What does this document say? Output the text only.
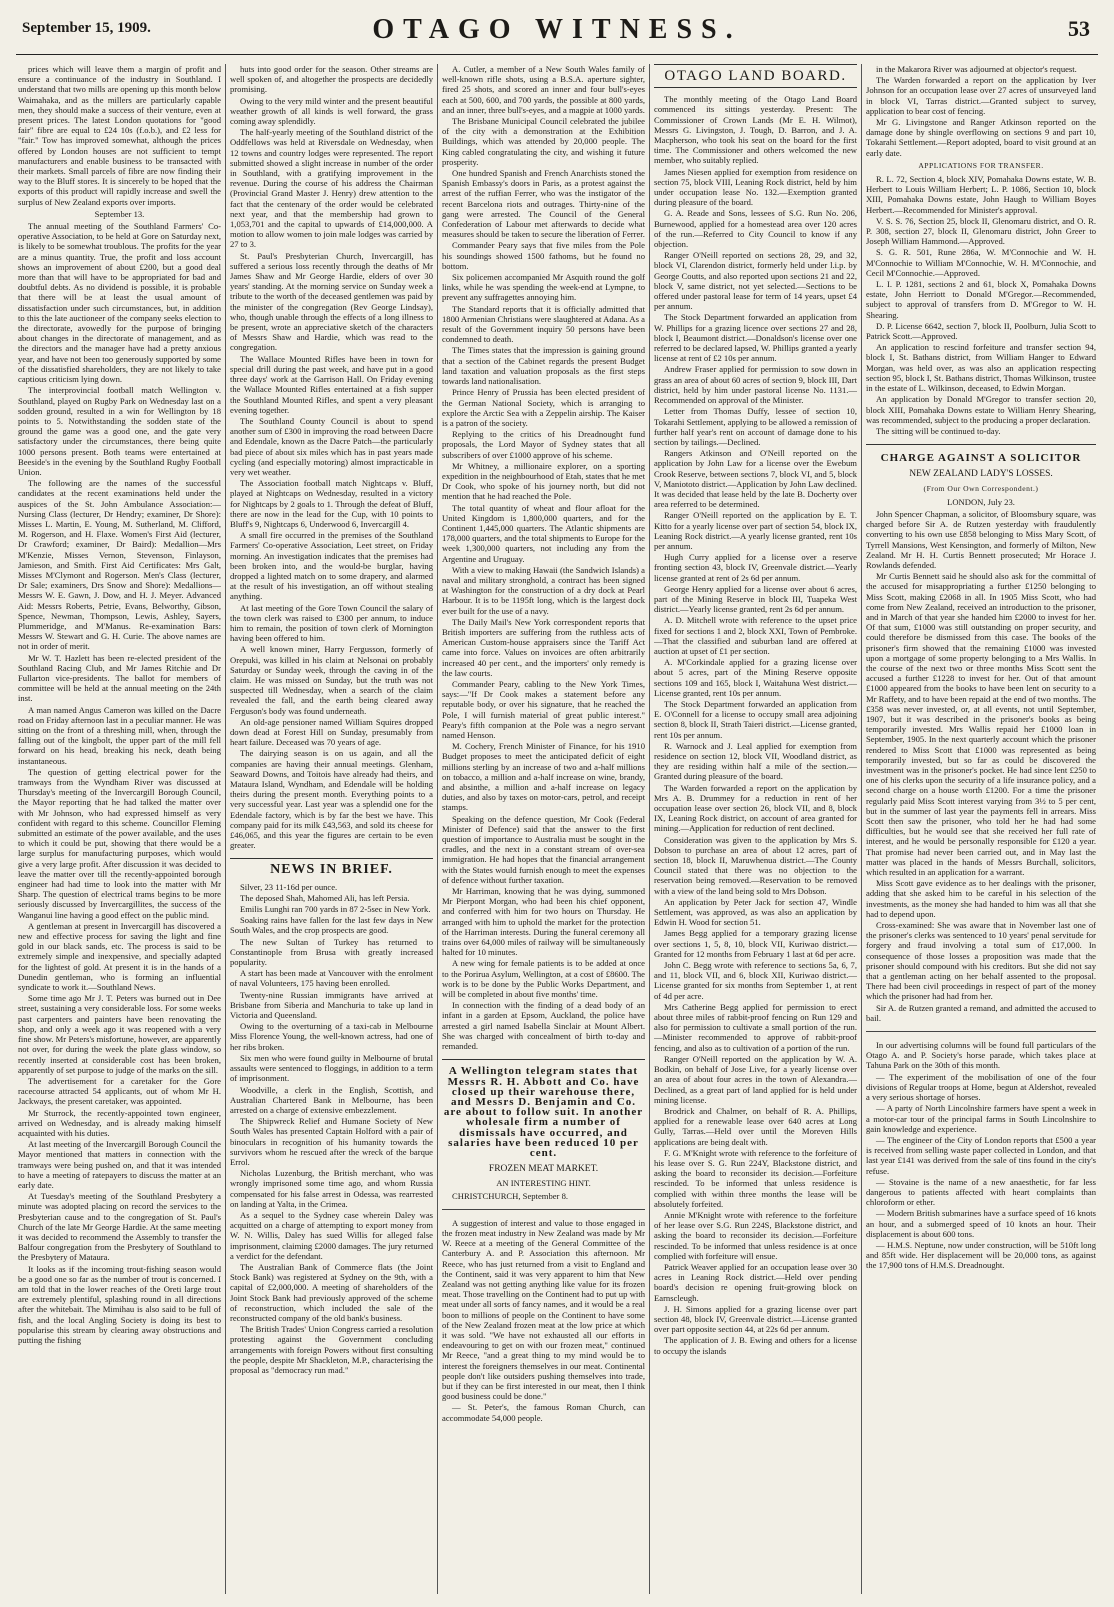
September 15, 1909.	OTAGO WITNESS.	53

prices which will leave them a margin of profit and ensure a continuance of the industry in Southland. I understand that two mills are opening up this month below Waimahaka, and as the millers are particularly capable men, they should make a success of their venture, even at present prices. The latest London quotations for "good fair" fibre are equal to £24 10s (f.o.b.), and £2 less for "fair." Tow has improved somewhat, although the prices offered by London houses are not sufficient to tempt manufacturers and enable business to be transacted with their markets. Small parcels of fibre are now finding their way to the Bluff stores. It is sincerely to be hoped that the exports of this product will rapidly increase and swell the surplus of New Zealand exports over imports.

September 13.

The annual meeting of the Southland Farmers' Co-operative Association, to be held at Gore on Saturday next, is likely to be somewhat troublous. The profits for the year are a minus quantity. True, the profit and loss account shows an improvement of about £200, but a good deal more than that will have to be appropriated for bad and doubtful debts. As no dividend is possible, it is probable that there will be at least the usual amount of dissatisfaction under such circumstances, but, in addition to this the late auctioneer of the company seeks election to the directorate, avowedly for the purpose of bringing about changes in the directorate of management, and as the directors and the manager have had a pretty anxious year, and have not been too generously supported by some of the dissatisfied shareholders, they are not likely to take captious criticism lying down.

The interprovincial football match Wellington v. Southland, played on Rugby Park on Wednesday last on a sodden ground, resulted in a win for Wellington by 18 points to 5. Notwithstanding the sodden state of the ground the game was a good one, and the gate very satisfactory under the circumstances, there being quite 1000 persons present. Both teams were entertained at Beeside's in the evening by the Southland Rugby Football Union.

The following are the names of the successful candidates at the recent examinations held under the auspices of the St. John Ambulance Association:—Nursing Class (lecturer, Dr Hendry; examiner, Dr Shore): Misses L. Martin, E. Young, M. Sutherland, M. Clifford, M. Rogerson, and H. Flaxe. Women's First Aid (lecturer, Dr Crawford; examiner, Dr Baird): Medallion—Mrs M'Kenzie, Misses Vernon, Stevenson, Finlayson, Jamieson, and Smith. First Aid Certificates: Mrs Galt, Misses M'Clymont and Rogerson. Men's Class (lecturer, Dr Sale; examiners, Drs Snow and Shore): Medallions—Messrs W. E. Gawn, J. Dow, and H. J. Meyer. Advanced Aid: Messrs Roberts, Petrie, Evans, Belworthy, Gibson, Spence, Newman, Thompson, Lewis, Ashley, Sayers, Plummeridge, and M'Manus. Re-examination Bars: Messrs W. Stewart and G. H. Curie. The above names are not in order of merit.

Mr W. T. Hazlett has been re-elected president of the Southland Racing Club, and Mr James Ritchie and Dr Fullarton vice-presidents. The ballot for members of committee will be held at the annual meeting on the 24th inst.

A man named Angus Cameron was killed on the Dacre road on Friday afternoon last in a peculiar manner. He was sitting on the front of a threshing mill, when, through the falling out of the kingbolt, the upper part of the mill fell forward on his head, breaking his neck, death being instantaneous.

The question of getting electrical power for the tramways from the Wyndham River was discussed at Thursday's meeting of the Invercargill Borough Council, the Mayor reporting that he had talked the matter over with Mr Johnson, who had expressed himself as very confident with regard to this scheme. Councillor Fleming submitted an estimate of the power available, and the uses to which it could be put, showing that there would be a large surplus for manufacturing purposes, which would give a very large profit. After discussion it was decided to leave the matter over till the recently-appointed borough engineer had had time to look into the matter with Mr Sharp. The question of electrical trams begins to be more seriously discussed by Invercargillites, the success of the Wanganui line having a good effect on the public mind.

A gentleman at present in Invercargill has discovered a new and effective process for saving the light and fine gold in our black sands, etc. The process is said to be extremely simple and inexpensive, and specially adapted for the lightest of gold. At present it is in the hands of a Dunedin gentleman, who is forming an influential syndicate to work it.—Southland News.

Some time ago Mr J. T. Peters was burned out in Dee street, sustaining a very considerable loss. For some weeks past carpenters and painters have been renovating the shop, and only a week ago it was reopened with a very fine show. Mr Peters's misfortune, however, are apparently not over, for during the week the plate glass window, so recently inserted at considerable cost has been broken, apparently of set purpose to judge of the marks on the sill.

The advertisement for a caretaker for the Gore racecourse attracted 54 applicants, out of whom Mr H. Jackways, the present caretaker, was appointed.

Mr Sturrock, the recently-appointed town engineer, arrived on Wednesday, and is already making himself acquainted with his duties.

At last meeting of the Invercargill Borough Council the Mayor mentioned that matters in connection with the tramways were being pushed on, and that it was intended to have a meeting of ratepayers to discuss the matter at an early date.

At Tuesday's meeting of the Southland Presbytery a minute was adopted placing on record the services to the Presbyterian cause and to the congregation of St. Paul's Church of the late Mr George Hardie. At the same meeting it was decided to recommend the Assembly to transfer the Balfour congregation from the Presbytery of Southland to the Presbytery of Mataura.

It looks as if the incoming trout-fishing season would be a good one so far as the number of trout is concerned. I am told that in the lower reaches of the Oreti large trout are extremely plentiful, splashing round in all directions after the whitebait. The Mimihau is also said to be full of fish, and the local Angling Society is doing its best to popularise this stream by clearing away obstructions and putting the fishing

huts into good order for the season. Other streams are well spoken of, and altogether the prospects are decidedly promising.

Owing to the very mild winter and the present beautiful weather growth of all kinds is well forward, the grass coming away splendidly.

The half-yearly meeting of the Southland district of the Oddfellows was held at Riversdale on Wednesday, when 12 towns and country lodges were represented. The report submitted showed a slight increase in number of the order in Southland, with a gratifying improvement in the revenue. During the course of his address the Chairman (Provincial Grand Master J. Henry) drew attention to the fact that the centenary of the order would be celebrated next year, and that the membership had grown to 1,053,701 and the capital to upwards of £14,000,000. A motion to allow women to join male lodges was carried by 27 to 3.

St. Paul's Presbyterian Church, Invercargill, has suffered a serious loss recently through the deaths of Mr James Shaw and Mr George Hardie, elders of over 30 years' standing. At the morning service on Sunday week a tribute to the worth of the deceased gentlemen was paid by the minister of the congregation (Rev George Lindsay), who, though unable through the effects of a long illness to be present, wrote an appreciative sketch of the characters of Messrs Shaw and Hardie, which was read to the congregation.

The Wallace Mounted Rifles have been in town for special drill during the past week, and have put in a good three days' work at the Garrison Hall. On Friday evening the Wallace Mounted Rifles entertained at a fish supper the Southland Mounted Rifles, and spent a very pleasant evening together.

The Southland County Council is about to spend another sum of £300 in improving the road between Dacre and Edendale, known as the Dacre Patch—the particularly bad piece of about six miles which has in past years made cycling (and especially motoring) almost impracticable in very wet weather.

The Association football match Nightcaps v. Bluff, played at Nightcaps on Wednesday, resulted in a victory for Nightcaps by 2 goals to 1. Through the defeat of Bluff, there are now in the lead for the Cup, with 10 points to Bluff's 9, Nightcaps 6, Underwood 6, Invercargill 4.

A small fire occurred in the premises of the Southland Farmers' Co-operative Association, Leet street, on Friday morning. An investigation indicates that the premises had been broken into, and the would-be burglar, having dropped a lighted match on to some drapery, and alarmed at the result of his investigation, an off without stealing anything.

At last meeting of the Gore Town Council the salary of the town clerk was raised to £300 per annum, to induce him to remain, the position of town clerk of Mornington having been offered to him.

A well known miner, Harry Fergusson, formerly of Orepuki, was killed in his claim at Nelsonai on probably Saturday or Sunday week, through the caving in of the claim. He was missed on Sunday, but the truth was not suspected till Wednesday, when a search of the claim revealed the fall, and the earth being cleared away Ferguson's body was found underneath.

An old-age pensioner named William Squires dropped down dead at Forest Hill on Sunday, presumably from heart failure. Deceased was 70 years of age.

The dairying season is on us again, and all the companies are having their annual meetings. Glenham, Seaward Downs, and Toitois have already had theirs, and Mataura Island, Wyndham, and Edendale will be holding theirs during the present month. Everything points to a very successful year. Last year was a splendid one for the Edendale factory, which is by far the best we have. This company paid for its milk £43,563, and sold its cheese for £46,065, and this year the figures are certain to be even greater.

NEWS IN BRIEF.

Silver, 23 11-16d per ounce.

The deposed Shah, Mahomed Ali, has left Persia.

Emilis Lunghi ran 700 yards in 87 2-5sec in New York.

Soaking rains have fallen for the last few days in New South Wales, and the crop prospects are good.

The new Sultan of Turkey has returned to Constantinople from Brusa with greatly increased popularity.

A start has been made at Vancouver with the enrolment of naval Volunteers, 175 having been enrolled.

Twenty-nine Russian immigrants have arrived at Brisbane from Siberia and Manchuria to take up land in Victoria and Queensland.

Owing to the overturning of a taxi-cab in Melbourne Miss Florence Young, the well-known actress, had one of her ribs broken.

Six men who were found guilty in Melbourne of brutal assaults were sentenced to floggings, in addition to a term of imprisonment.

Woodville, a clerk in the English, Scottish, and Australian Chartered Bank in Melbourne, has been arrested on a charge of extensive embezzlement.

The Shipwreck Relief and Humane Society of New South Wales has presented Captain Holford with a pair of binoculars in recognition of his humanity towards the survivors whom he rescued after the wreck of the barque Errol.

Nicholas Luzenburg, the British merchant, who was wrongly imprisoned some time ago, and whom Russia compensated for his false arrest in Odessa, was rearrested on landing at Yalta, in the Crimea.

As a sequel to the Sydney case wherein Daley was acquitted on a charge of attempting to export money from W. N. Willis, Daley has sued Willis for alleged false imprisonment, claiming £2000 damages. The jury returned a verdict for the defendant.

The Australian Bank of Commerce flats (the Joint Stock Bank) was registered at Sydney on the 9th, with a capital of £2,000,000. A meeting of shareholders of the Joint Stock Bank had previously approved of the scheme of reconstruction, which included the sale of the reconstructed company of the old bank's business.

The British Trades' Union Congress carried a resolution protesting against the Government concluding arrangements with foreign Powers without first consulting the people, despite Mr Shackleton, M.P., characterising the proposal as "democracy run mad."

A. Cutler, a member of a New South Wales family of well-known rifle shots, using a B.S.A. aperture sighter, fired 25 shots, and scored an inner and four bull's-eyes each at 500, 600, and 700 yards, the possible at 800 yards, and an inner, three bull's-eyes, and a magpie at 1000 yards.

The Brisbane Municipal Council celebrated the jubilee of the city with a demonstration at the Exhibition Buildings, which was attended by 20,000 people. The King cabled congratulating the city, and wishing it future prosperity.

One hundred Spanish and French Anarchists stoned the Spanish Embassy's doors in Paris, as a protest against the arrest of the ruffian Ferrer, who was the instigator of the recent Barcelona riots and outrages. Thirty-nine of the gang were arrested. The Council of the General Confederation of Labour met afterwards to decide what measures should be taken to secure the liberation of Ferrer.

Commander Peary says that five miles from the Pole his soundings showed 1500 fathoms, but he found no bottom.

Six policemen accompanied Mr Asquith round the golf links, while he was spending the week-end at Lympne, to prevent any suffragettes annoying him.

The Standard reports that it is officially admitted that 1800 Armenian Christians were slaughtered at Adana. As a result of the Government inquiry 50 persons have been condemned to death.

The Times states that the impression is gaining ground that a section of the Cabinet regards the present Budget land taxation and valuation proposals as the first steps towards land nationalisation.

Prince Henry of Prussia has been elected president of the German National Society, which is arranging to explore the Arctic Sea with a Zeppelin airship. The Kaiser is a patron of the society.

Replying to the critics of his Dreadnought fund proposals, the Lord Mayor of Sydney states that all subscribers of over £1000 approve of his scheme.

Mr Whitney, a millionaire explorer, on a sporting expedition in the neighbourhood of Etah, states that he met Dr Cook, who spoke of his journey north, but did not mention that he had reached the Pole.

The total quantity of wheat and flour afloat for the United Kingdom is 1,800,000 quarters, and for the Continent 1,445,000 quarters. The Atlantic shipments are 178,000 quarters, and the total shipments to Europe for the week 1,300,000 quarters, not including any from the Argentine and Uruguay.

With a view to making Hawaii (the Sandwich Islands) a naval and military stronghold, a contract has been signed at Washington for the construction of a dry dock at Pearl Harbour. It is to be 1195ft long, which is the largest dock ever built for the use of a navy.

The Daily Mail's New York correspondent reports that British importers are suffering from the ruthless acts of American Custom-house appraisers since the Tariff Act came into force. Values on invoices are often arbitrarily increased 40 per cent., and the importers' only remedy is the law courts.

Commander Peary, cabling to the New York Times, says:—"If Dr Cook makes a statement before any reputable body, or over his signature, that he reached the Pole, I will furnish material of great public interest." Peary's fifth companion at the Pole was a negro servant named Henson.

M. Cochery, French Minister of Finance, for his 1910 Budget proposes to meet the anticipated deficit of eight millions sterling by an increase of two and a-half millions on tobacco, a million and a-half increase on wine, brandy, and absinthe, a million and a-half increase on legacy duties, and also by taxes on motor-cars, petrol, and receipt stamps.

Speaking on the defence question, Mr Cook (Federal Minister of Defence) said that the answer to the first question of importance to Australia must be sought in the cradles, and the next in a constant stream of over-sea immigration. He had hopes that the financial arrangement with the States would furnish enough to meet the expenses of defence without further taxation.

Mr Harriman, knowing that he was dying, summoned Mr Pierpont Morgan, who had been his chief opponent, and conferred with him for two hours on Thursday. He arranged with him to uphold the market for the protection of the Harriman interests. During the funeral ceremony all trains over 64,000 miles of railway will be simultaneously halted for 10 minutes.

A new wing for female patients is to be added at once to the Porirua Asylum, Wellington, at a cost of £8600. The work is to be done by the Public Works Department, and will be completed in about five months' time.

In connection with the finding of a dead body of an infant in a garden at Epsom, Auckland, the police have arrested a girl named Isabella Sinclair at Mount Albert. She was charged with concealment of birth to-day and remanded.

A Wellington telegram states that Messrs R. H. Abbott and Co. have closed up their warehouse there, and Messrs D. Benjamin and Co. are about to follow suit. In another wholesale firm a number of dismissals have occurred, and salaries have been reduced 10 per cent.

FROZEN MEAT MARKET.

AN INTERESTING HINT.

CHRISTCHURCH, September 8.

A suggestion of interest and value to those engaged in the frozen meat industry in New Zealand was made by Mr W. Reece at a meeting of the General Committee of the Canterbury A. and P. Association this afternoon. Mr Reece, who has just returned from a visit to England and the Continent, said it was very apparent to him that New Zealand was not getting anything like value for its frozen meat. Those travelling on the Continent had to put up with meat under all sorts of fancy names, and it would be a real boon to millions of people on the Continent to have some of the New Zealand frozen meat at the low price at which it was sold. "We have not exhausted all our efforts in endeavouring to get on with our frozen meat," continued Mr Reece, "and a great thing to my mind would be to interest the foreigners themselves in our meat. Continental people don't like outsiders pushing themselves into trade, but if they can be first interested in our meat, then I think good business could be done."

— St. Peter's, the famous Roman Church, can accommodate 54,000 people.

OTAGO LAND BOARD.

The monthly meeting of the Otago Land Board commenced its sittings yesterday. Present: The Commissioner of Crown Lands (Mr E. H. Wilmot), Messrs G. Livingston, J. Tough, D. Barron, and J. A. Macpherson, who took his seat on the board for the first time. The Commissioner and others welcomed the new member, who suitably replied.

James Niesen applied for exemption from residence on section 75, block VIII, Leaning Rock district, held by him under occupation lease No. 132.—Exemption granted during pleasure of the board.

G. A. Reade and Sons, lessees of S.G. Run No. 206, Burnewood, applied for a homestead area over 120 acres of the run.—Referred to City Council to know if any objection.

Ranger O'Neill reported on sections 28, 29, and 32, block VI, Clarendon district, formerly held under l.i.p. by George Coutts, and also reported upon sections 21 and 22, block V, same district, not yet selected.—Sections to be offered under pastoral lease for term of 14 years, upset £4 per annum.

The Stock Department forwarded an application from W. Phillips for a grazing licence over sections 27 and 28, block I, Beaumont district.—Donaldson's license over one referred to be declared lapsed, W. Phillips granted a yearly license at rent of £2 10s per annum.

Andrew Fraser applied for permission to sow down in grass an area of about 60 acres of section 9, block III, Dart district, held by him under pastoral license No. 1131.—Recommended on approval of the Minister.

Letter from Thomas Duffy, lessee of section 10, Tokarahi Settlement, applying to be allowed a remission of further half year's rent on account of damage done to his section by tailings.—Declined.

Rangers Atkinson and O'Neill reported on the application by John Law for a license over the Ewebum Crook Reserve, between sections 7, block VI, and 5, block V, Maniototo district.—Application by John Law declined. It was decided that lease held by the late B. Docherty over area referred to be determined.

Ranger O'Neill reported on the application by E. T. Kitto for a yearly license over part of section 54, block IX, Leaning Rock district.—A yearly license granted, rent 10s per annum.

Hugh Curry applied for a license over a reserve fronting section 43, block IV, Greenvale district.—Yearly license granted at rent of 2s 6d per annum.

George Henry applied for a license over about 6 acres, part of the Mining Reserve in block III, Tuapeka West district.—Yearly license granted, rent 2s 6d per annum.

A. D. Mitchell wrote with reference to the upset price fixed for sections 1 and 2, block XXI, Town of Pembroke.—That the classified and suburban land are offered at auction at upset of £1 per section.

A. M'Corkindale applied for a grazing license over about 5 acres, part of the Mining Reserve opposite sections 109 and 165, block I, Waitahuna West district.—License granted, rent 10s per annum.

The Stock Department forwarded an application from E. O'Connell for a license to occupy small area adjoining section 8, block II, Strath Taieri district.—License granted, rent 10s per annum.

R. Warnock and J. Leal applied for exemption from residence on section 12, block VII, Woodland district, as they are residing within half a mile of the section.—Granted during pleasure of the board.

The Warden forwarded a report on the application by Mrs A. B. Drummey for a reduction in rent of her occupation lease over section 26, block VII, and 8, block IX, Leaning Rock district, on account of area granted for mining.—Application for reduction of rent declined.

Consideration was given to the application by Mrs S. Dobson to purchase an area of about 12 acres, part of section 18, block II, Maruwhenua district.—The County Council stated that there was no objection to the reservation being removed.—Reservation to be removed with a view of the land being sold to Mrs Dobson.

An application by Peter Jack for section 47, Windle Settlement, was approved, as was also an application by Edwin H. Wood for section 51.

James Begg applied for a temporary grazing license over sections 1, 5, 8, 10, block VII, Kuriwao district.—Granted for 12 months from February 1 last at 6d per acre.

John C. Begg wrote with reference to sections 5a, 6, 7, and 11, block VII, and 6, block XII, Kuriwao district.—License granted for six months from September 1, at rent of 4d per acre.

Mrs Catherine Begg applied for permission to erect about three miles of rabbit-proof fencing on Run 129 and also for permission to cultivate a small portion of the run.—Minister recommended to approve of rabbit-proof fencing, and also as to cultivation of a portion of the run.

Ranger O'Neill reported on the application by W. A. Bodkin, on behalf of Jose Live, for a yearly license over an area of about four acres in the town of Alexandra.—Declined, as a great part of land applied for is held under mining license.

Brodrick and Chalmer, on behalf of R. A. Phillips, applied for a renewable lease over 640 acres at Long Gully, Tarras.—Held over until the Moreven Hills applications are being dealt with.

F. G. M'Knight wrote with reference to the forfeiture of his lease over S. G. Run 224Y, Blackstone district, and asking the board to reconsider its decision.—Forfeiture rescinded. To be informed that unless residence is complied with within three months the lease will be absolutely forfeited.

Annie M'Knight wrote with reference to the forfeiture of her lease over S.G. Run 224S, Blackstone district, and asking the board to reconsider its decision.—Forfeiture rescinded. To be informed that unless residence is at once complied with forfeiture will ensue.

Patrick Weaver applied for an occupation lease over 30 acres in Leaning Rock district.—Held over pending board's decision re opening fruit-growing block on Earnscleugh.

J. H. Simons applied for a grazing license over part section 48, block IV, Greenvale district.—License granted over part opposite section 44, at 22s 6d per annum.

The application of J. B. Ewing and others for a license to occupy the islands

in the Makarora River was adjourned at objector's request.

The Warden forwarded a report on the application by Iver Johnson for an occupation lease over 27 acres of unsurveyed land in block VI, Tarras district.—Granted subject to survey, application to bear cost of fencing.

Mr G. Livingstone and Ranger Atkinson reported on the damage done by shingle overflowing on sections 9 and part 10, Tokarahi Settlement.—Report adopted, board to visit ground at an early date.

APPLICATIONS FOR TRANSFER.

R. L. 72, Section 4, block XIV, Pomahaka Downs estate, W. B. Herbert to Louis William Herbert; L. P. 1086, Section 10, block XIII, Pomahaka Downs estate, John Haugh to William Boyes Herbert.—Recommended for Minister's approval.

V. S. S. 76, Section 25, block II, Glenomaru district, and O. R. P. 308, section 27, block II, Glenomaru district, John Greer to Joseph William Hammond.—Approved.

S. G. R. 501, Rune 286a, W. M'Connochie and W. H. M'Connochie to William M'Connochie, W. H. M'Connochie, and Cecil M'Connochie.—Approved.

L. I. P. 1281, sections 2 and 61, block X, Pomahaka Downs estate, John Herriott to Donald M'Gregor.—Recommended, subject to approval of transfers from D. M'Gregor to W. H. Shearing.

D. P. License 6642, section 7, block II, Poolburn, Julia Scott to Patrick Scott.—Approved.

An application to rescind forfeiture and transfer section 94, block I, St. Bathans district, from William Hanger to Edward Morgan, was held over, as was also an application respecting section 95, block I, St. Bathans district, Thomas Wilkinson, trustee in the estate of L. Wilkinson, deceased, to Edwin Morgan.

An application by Donald M'Gregor to transfer section 20, block XIII, Pomahaka Downs estate to William Henry Shearing, was recommended, subject to the producing a proper declaration.

The sitting will be continued to-day.

CHARGE AGAINST A SOLICITOR

NEW ZEALAND LADY'S LOSSES.

(From Our Own Correspondent.)

LONDON, July 23.

John Spencer Chapman, a solicitor, of Bloomsbury square, was charged before Sir A. de Rutzen yesterday with fraudulently converting to his own use £858 belonging to Miss Mary Scott, of Tyrrell Mansions, West Kensington, and formerly of Milton, New Zealand. Mr H. H. Curtis Bennett prosecuted; Mr Horace J. Rowlands defended.

Mr Curtis Bennett said he should also ask for the committal of the accused for misappropriating a further £1250 belonging to Miss Scott, making £2068 in all. In 1905 Miss Scott, who had come from New Zealand, received an introduction to the prisoner, and in March of that year she handed him £2000 to invest for her. Of that sum, £1000 was still outstanding on proper security, and could therefore be dismissed from this case. The books of the prisoner's firm showed that the remaining £1000 was invested upon a mortgage of some property belonging to a Mrs Wallis. In the course of the next two or three months Miss Scott sent the accused a further £1228 to invest for her. Out of that amount £1000 appeared from the books to have been lent on security to a Mr Raffety, and to have been repaid at the end of two months. The £358 was never invested, or, at all events, not until September, 1907, but it was described in the prisoner's books as being temporarily invested. Mrs Wallis repaid her £1000 loan in September, 1905. In the next quarterly account which the prisoner rendered to Miss Scott that £1000 was represented as being temporarily invested, but so far as could be discovered the investment was in the prisoner's pocket. He had since lent £250 to one of his clerks upon the security of a life insurance policy, and a second charge on a house worth £1200. For a time the prisoner regularly paid Miss Scott interest varying from 3½ to 5 per cent, but in the summer of last year the payments fell in arrears. Miss Scott then saw the prisoner, who told her he had had some difficulties, but he would see that she received her full rate of interest, and he would be personally responsible for £120 a year. That promise had never been carried out, and in May last the matter was placed in the hands of Messrs Burchall, solicitors, which resulted in an application for a warrant.

Miss Scott gave evidence as to her dealings with the prisoner, adding that she asked him to be careful in his selection of the investments, as the money she had handed to him was all that she had to depend upon.

Cross-examined: She was aware that in November last one of the prisoner's clerks was sentenced to 10 years' penal servitude for forgery and fraud involving a total sum of £17,000. In consequence of those losses a proposition was made that the prisoner should compound with his creditors. But she did not say that a gentleman acting on her behalf assented to the proposal. There had been civil proceedings in respect of part of the money which the prisoner had had from her.

Sir A. de Rutzen granted a remand, and admitted the accused to bail.

In our advertising columns will be found full particulars of the Otago A. and P. Society's horse parade, which takes place at Tahuna Park on the 30th of this month.

— The experiment of the mobilisation of one of the four divisions of Regular troops at Home, begun at Aldershot, revealed a very serious shortage of horses.

— A party of North Lincolnshire farmers have spent a week in a motor-car tour of the principal farms in South Lincolnshire to gain knowledge and experience.

— The engineer of the City of London reports that £500 a year is received from selling waste paper collected in London, and that last year £141 was derived from the sale of tins found in the city's refuse.

— Stovaine is the name of a new anaesthetic, for far less dangerous to patients affected with heart complaints than chloroform or ether.

— Modern British submarines have a surface speed of 16 knots an hour, and a submerged speed of 10 knots an hour. Their displacement is about 600 tons.

— H.M.S. Neptune, now under construction, will be 510ft long and 85ft wide. Her displacement will be 20,000 tons, as against the 17,900 tons of H.M.S. Dreadnought.
